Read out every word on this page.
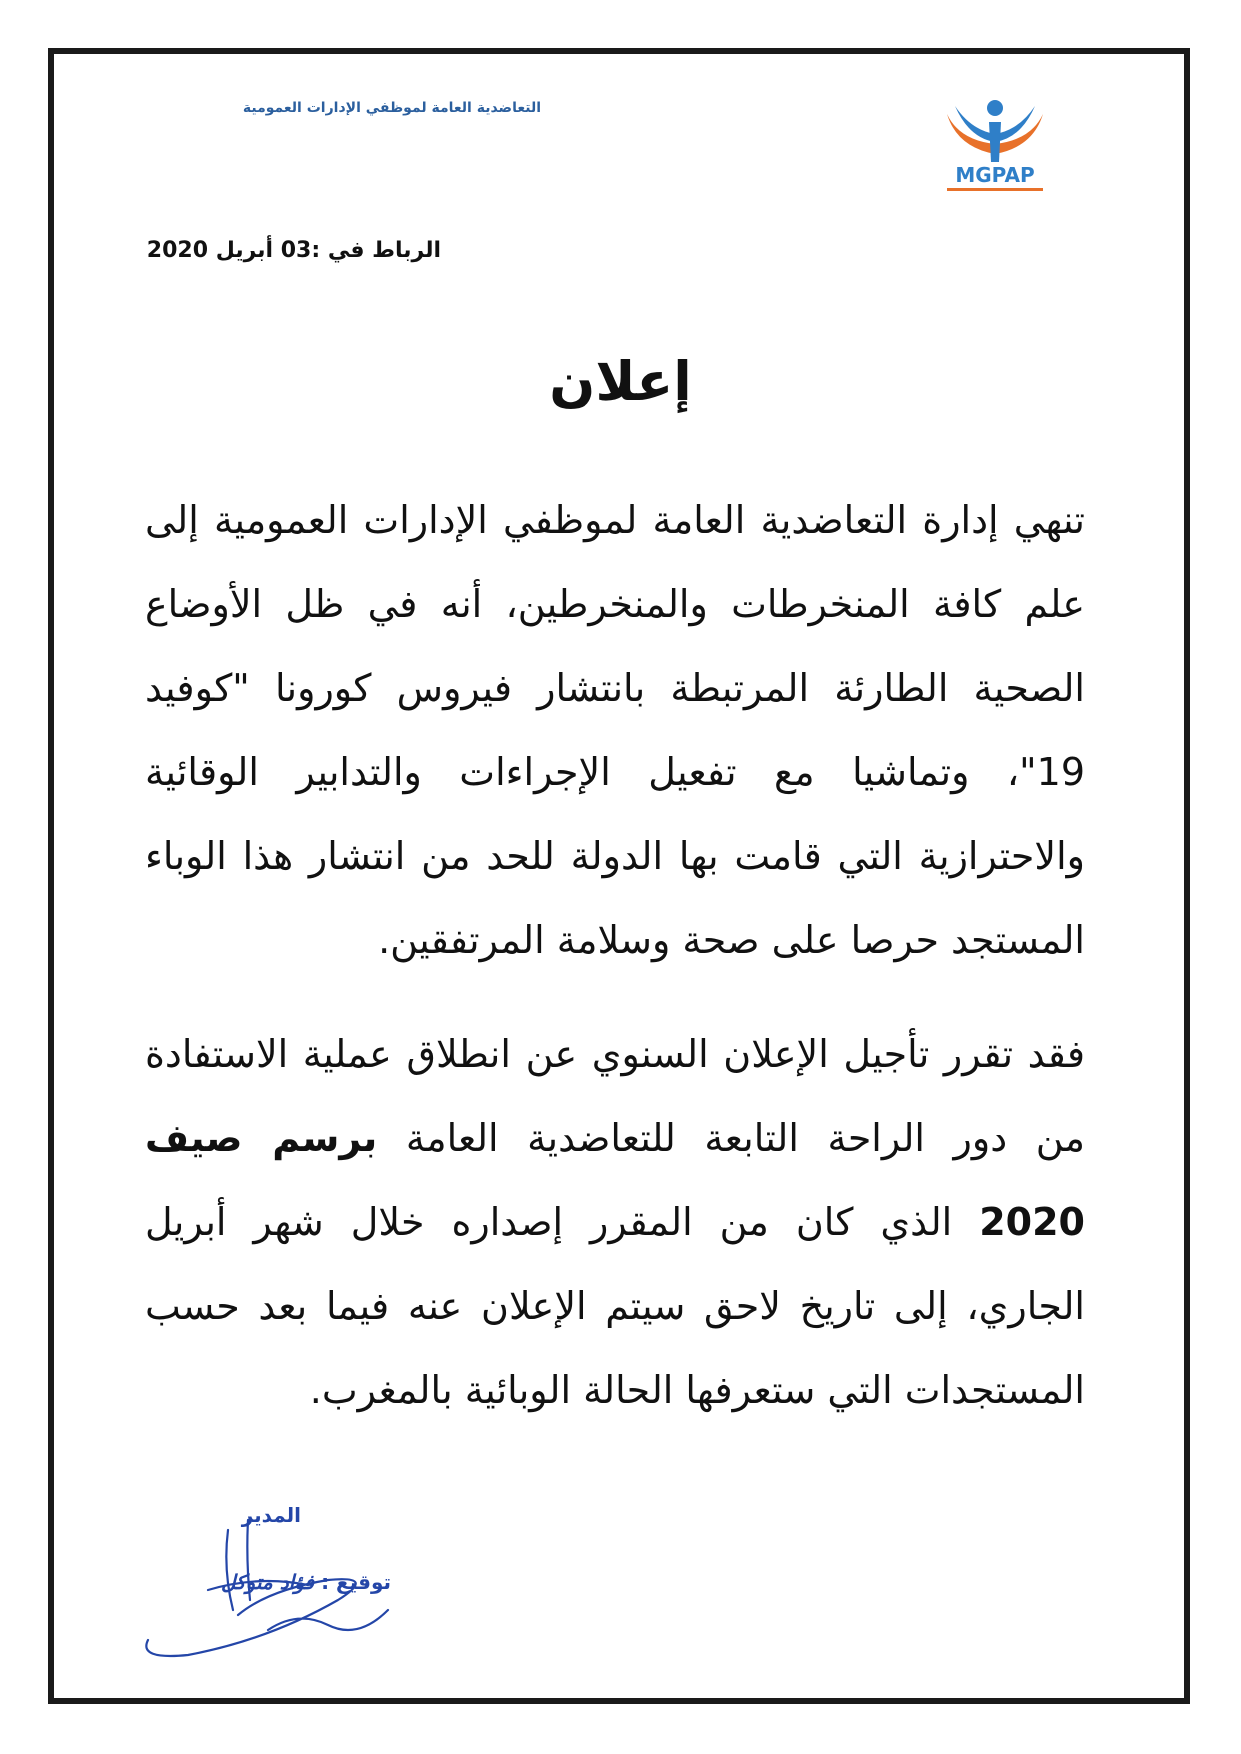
التعاضدية العامة لموظفي الإدارات العمومية
MGPAP
الرباط في :03 أبريل 2020
إعلان

تنهي إدارة التعاضدية العامة لموظفي الإدارات العمومية إلى علم كافة المنخرطات والمنخرطين، أنه في ظل الأوضاع الصحية الطارئة المرتبطة بانتشار فيروس كورونا "كوفيد 19"، وتماشيا مع تفعيل الإجراءات والتدابير الوقائية والاحترازية التي قامت بها الدولة للحد من انتشار هذا الوباء المستجد حرصا على صحة وسلامة المرتفقين.

فقد تقرر تأجيل الإعلان السنوي عن انطلاق عملية الاستفادة من دور الراحة التابعة للتعاضدية العامة برسم صيف 2020 الذي كان من المقرر إصداره خلال شهر أبريل الجاري، إلى تاريخ لاحق سيتم الإعلان عنه فيما بعد حسب المستجدات التي ستعرفها الحالة الوبائية بالمغرب.

المدير
توقيع : فؤاد متوكل
